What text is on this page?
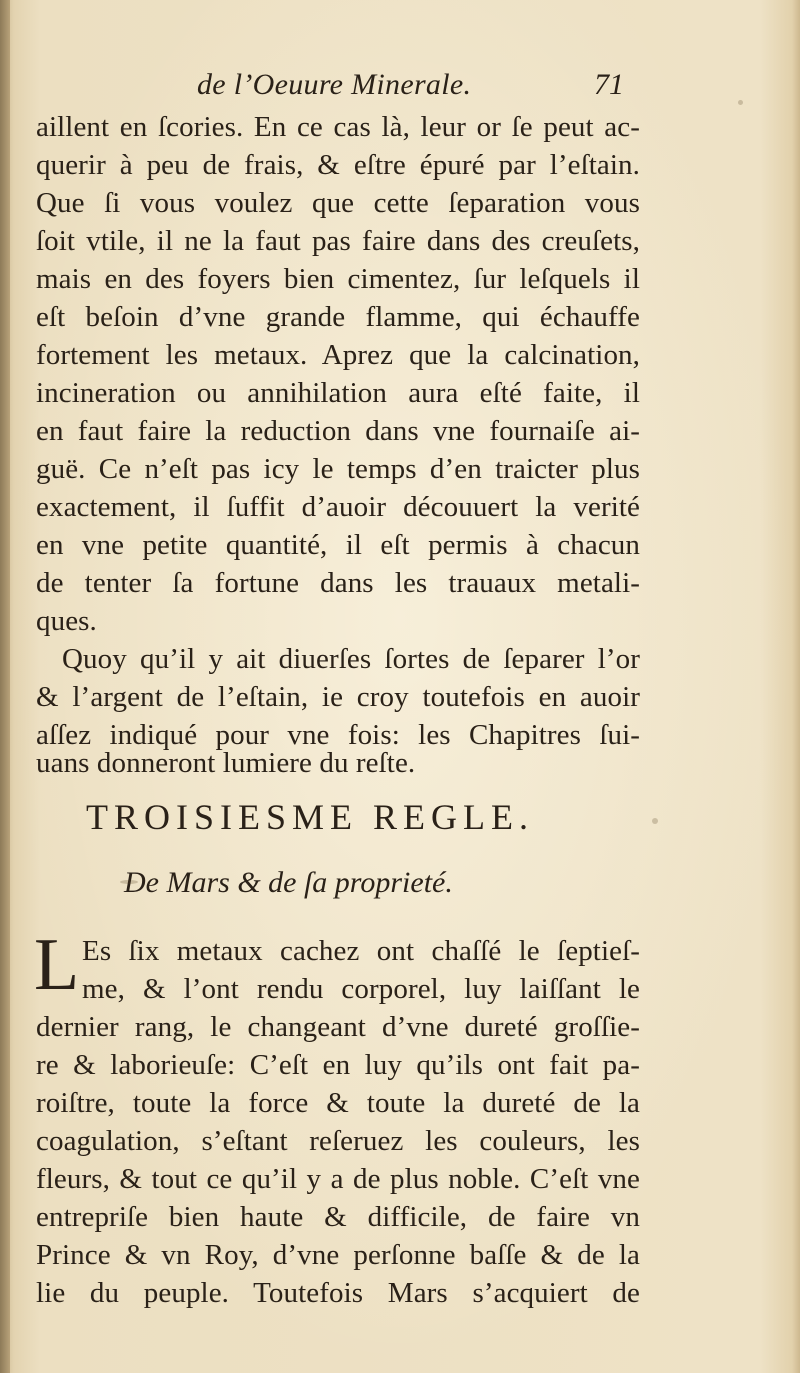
de l’Oeuure Minerale.	71
aillent en ſcories. En ce cas là, leur or ſe peut ac-
querir à peu de frais, & eſtre épuré par l’eſtain.
Que ſi vous voulez que cette ſeparation vous
ſoit vtile, il ne la faut pas faire dans des creuſets,
mais en des foyers bien cimentez, ſur leſquels il
eſt beſoin d’vne grande flamme, qui échauffe
fortement les metaux. Aprez que la calcination,
incineration ou annihilation aura eſté faite, il
en faut faire la reduction dans vne fournaiſe ai-
guë. Ce n’eſt pas icy le temps d’en traicter plus
exactement, il ſuffit d’auoir découuert la verité
en vne petite quantité, il eſt permis à chacun
de tenter ſa fortune dans les trauaux metali-
ques.
Quoy qu’il y ait diuerſes ſortes de ſeparer l’or
& l’argent de l’eſtain, ie croy toutefois en auoir
aſſez indiqué pour vne fois: les Chapitres ſui-
uans donneront lumiere du reſte.
TROISIESME REGLE.
De Mars & de ſa proprieté.
L Es ſix metaux cachez ont chaſſé le ſeptieſ-
me, & l’ont rendu corporel, luy laiſſant le
dernier rang, le changeant d’vne dureté groſſie-
re & laborieuſe: C’eſt en luy qu’ils ont fait pa-
roiſtre, toute la force & toute la dureté de la
coagulation, s’eſtant reſeruez les couleurs, les
fleurs, & tout ce qu’il y a de plus noble. C’eſt vne
entrepriſe bien haute & difficile, de faire vn
Prince & vn Roy, d’vne perſonne baſſe & de la
lie du peuple. Toutefois Mars s’acquiert de
